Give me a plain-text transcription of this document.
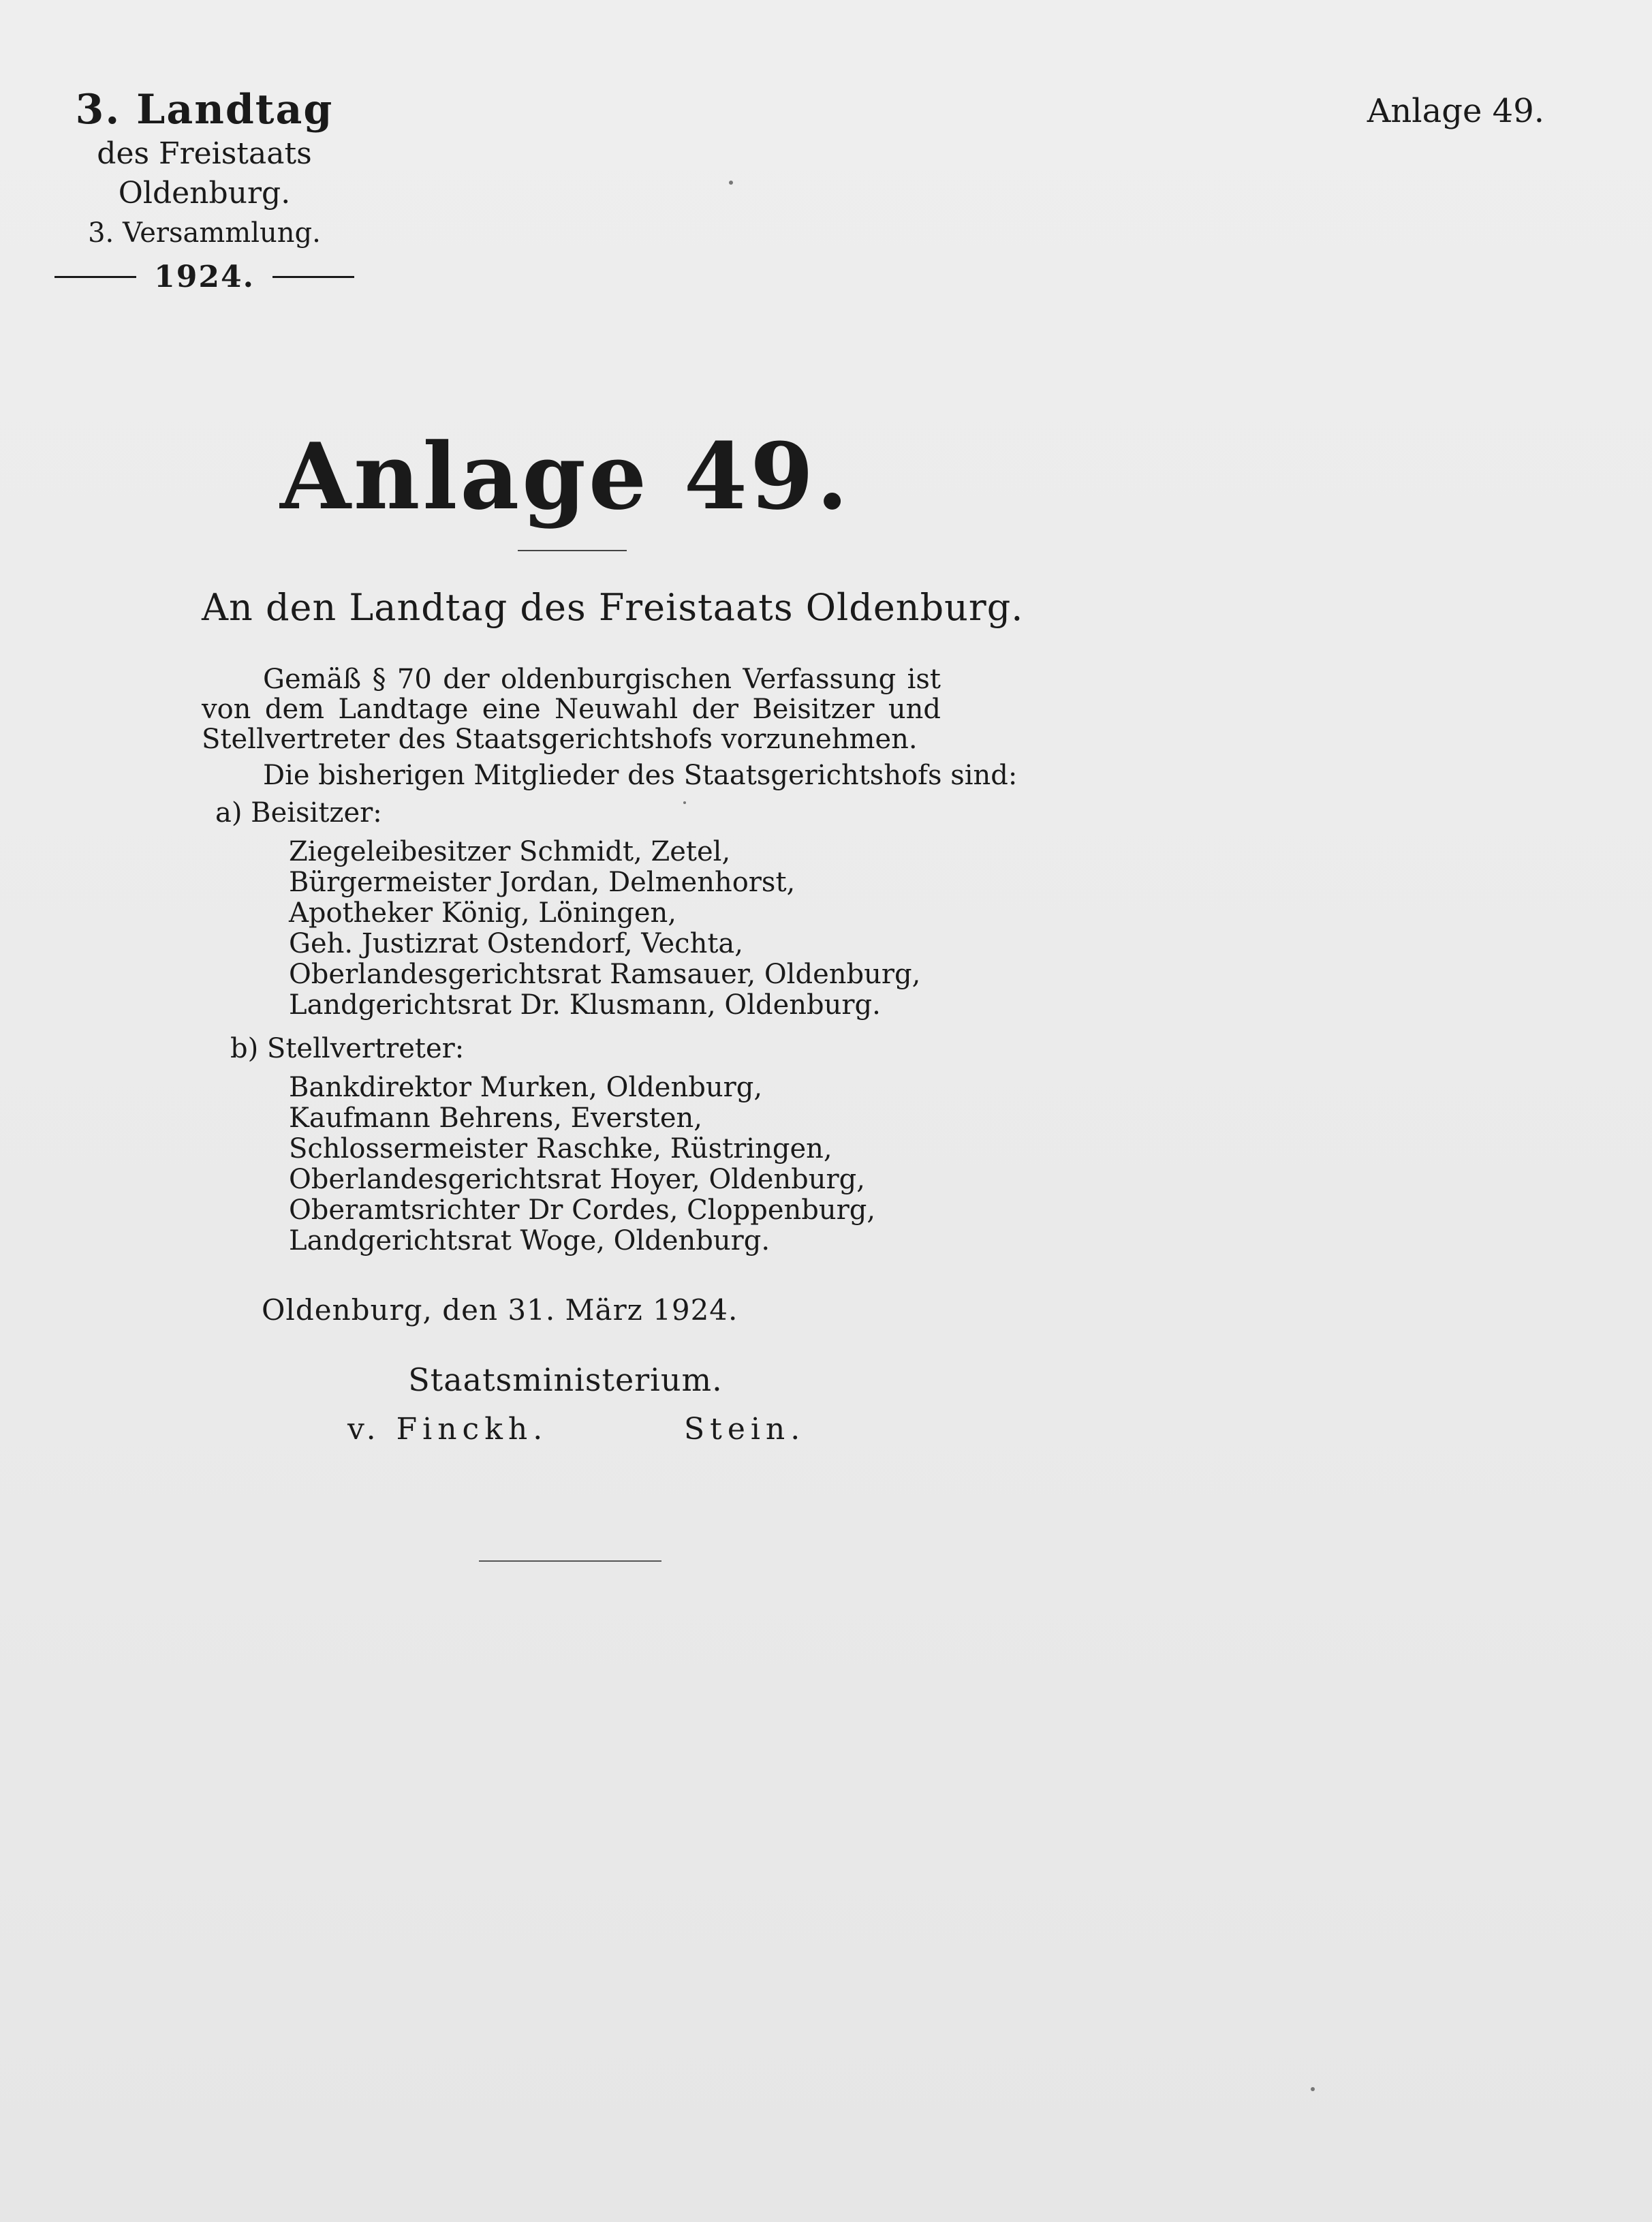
3. Landtag
des Freistaats Oldenburg.
3. Versammlung.
1924.
Anlage 49.
Anlage 49.
An den Landtag des Freistaats Oldenburg.
Gemäß § 70 der oldenburgischen Verfassung ist von dem Landtage eine Neuwahl der Beisitzer und Stellvertreter des Staatsgerichtshofs vorzunehmen.
Die bisherigen Mitglieder des Staatsgerichtshofs sind:
a) Beisitzer:
Ziegeleibesitzer Schmidt, Zetel,
Bürgermeister Jordan, Delmenhorst,
Apotheker König, Löningen,
Geh. Justizrat Ostendorf, Vechta,
Oberlandesgerichtsrat Ramsauer, Oldenburg,
Landgerichtsrat Dr. Klusmann, Oldenburg.
b) Stellvertreter:
Bankdirektor Murken, Oldenburg,
Kaufmann Behrens, Eversten,
Schlossermeister Raschke, Rüstringen,
Oberlandesgerichtsrat Hoyer, Oldenburg,
Oberamtsrichter Dr Cordes, Cloppenburg,
Landgerichtsrat Woge, Oldenburg.
Oldenburg, den 31. März 1924.
Staatsministerium.
v. Finckh.	Stein.
